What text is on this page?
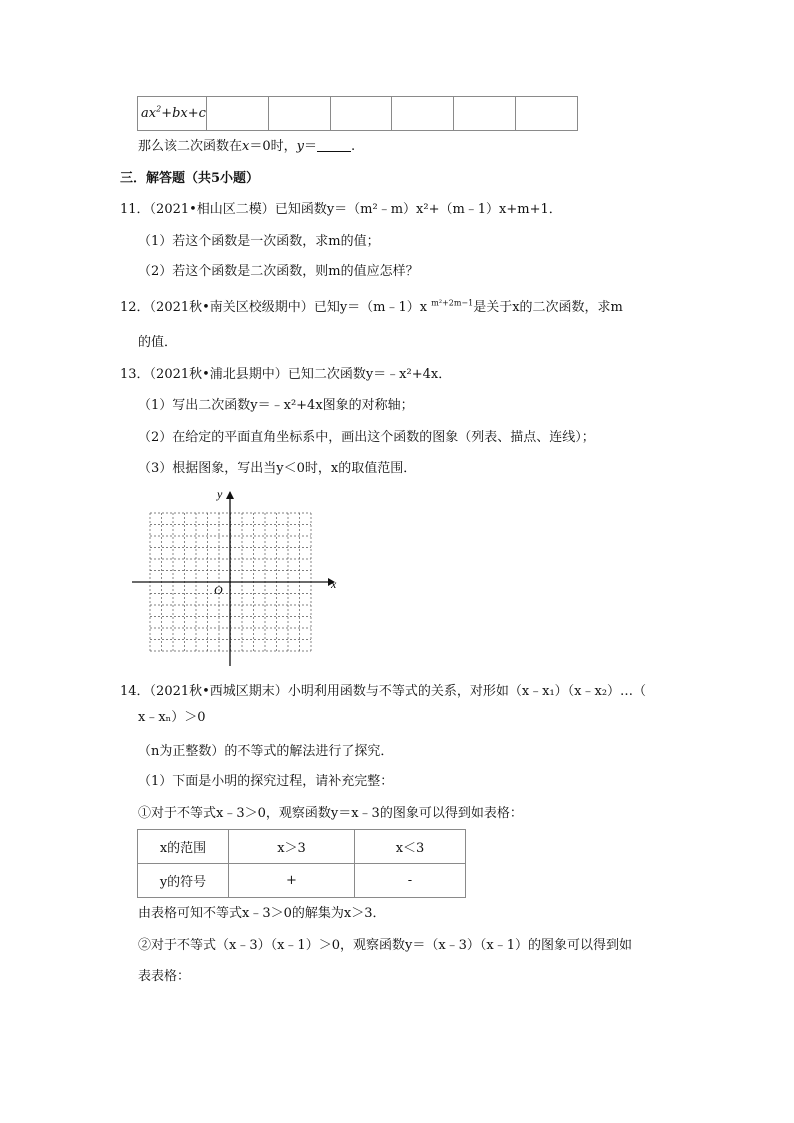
$ax^2+bx+c$						
那么该二次函数在x＝0时，y＝	.
三．解答题（共5小题）
11．（2021•相山区二模）已知函数y＝（m²﹣m）x²+（m﹣1）x+m+1．
（1）若这个函数是一次函数，求m的值；
（2）若这个函数是二次函数，则m的值应怎样？
12．（2021秋•南关区校级期中）已知y＝（m﹣1）x $^{m^2+2m-1}$是关于x的二次函数，求m
的值．
13．（2021秋•浦北县期中）已知二次函数y＝﹣x²+4x．
（1）写出二次函数y＝﹣x²+4x图象的对称轴；
（2）在给定的平面直角坐标系中，画出这个函数的图象（列表、描点、连线）；
（3）根据图象，写出当y＜0时，x的取值范围．
x
y
O
14．（2021秋•西城区期末）小明利用函数与不等式的关系，对形如（x﹣x₁）（x﹣x₂）…（
x﹣xₙ）＞0
（n为正整数）的不等式的解法进行了探究．
（1）下面是小明的探究过程，请补充完整：
①对于不等式x﹣3＞0，观察函数y＝x﹣3的图象可以得到如表格：
x的范围	x＞3	x＜3
y的符号	+	-
由表格可知不等式x﹣3＞0的解集为x＞3．
②对于不等式（x﹣3）（x﹣1）＞0，观察函数y＝（x﹣3）（x﹣1）的图象可以得到如
表表格：
